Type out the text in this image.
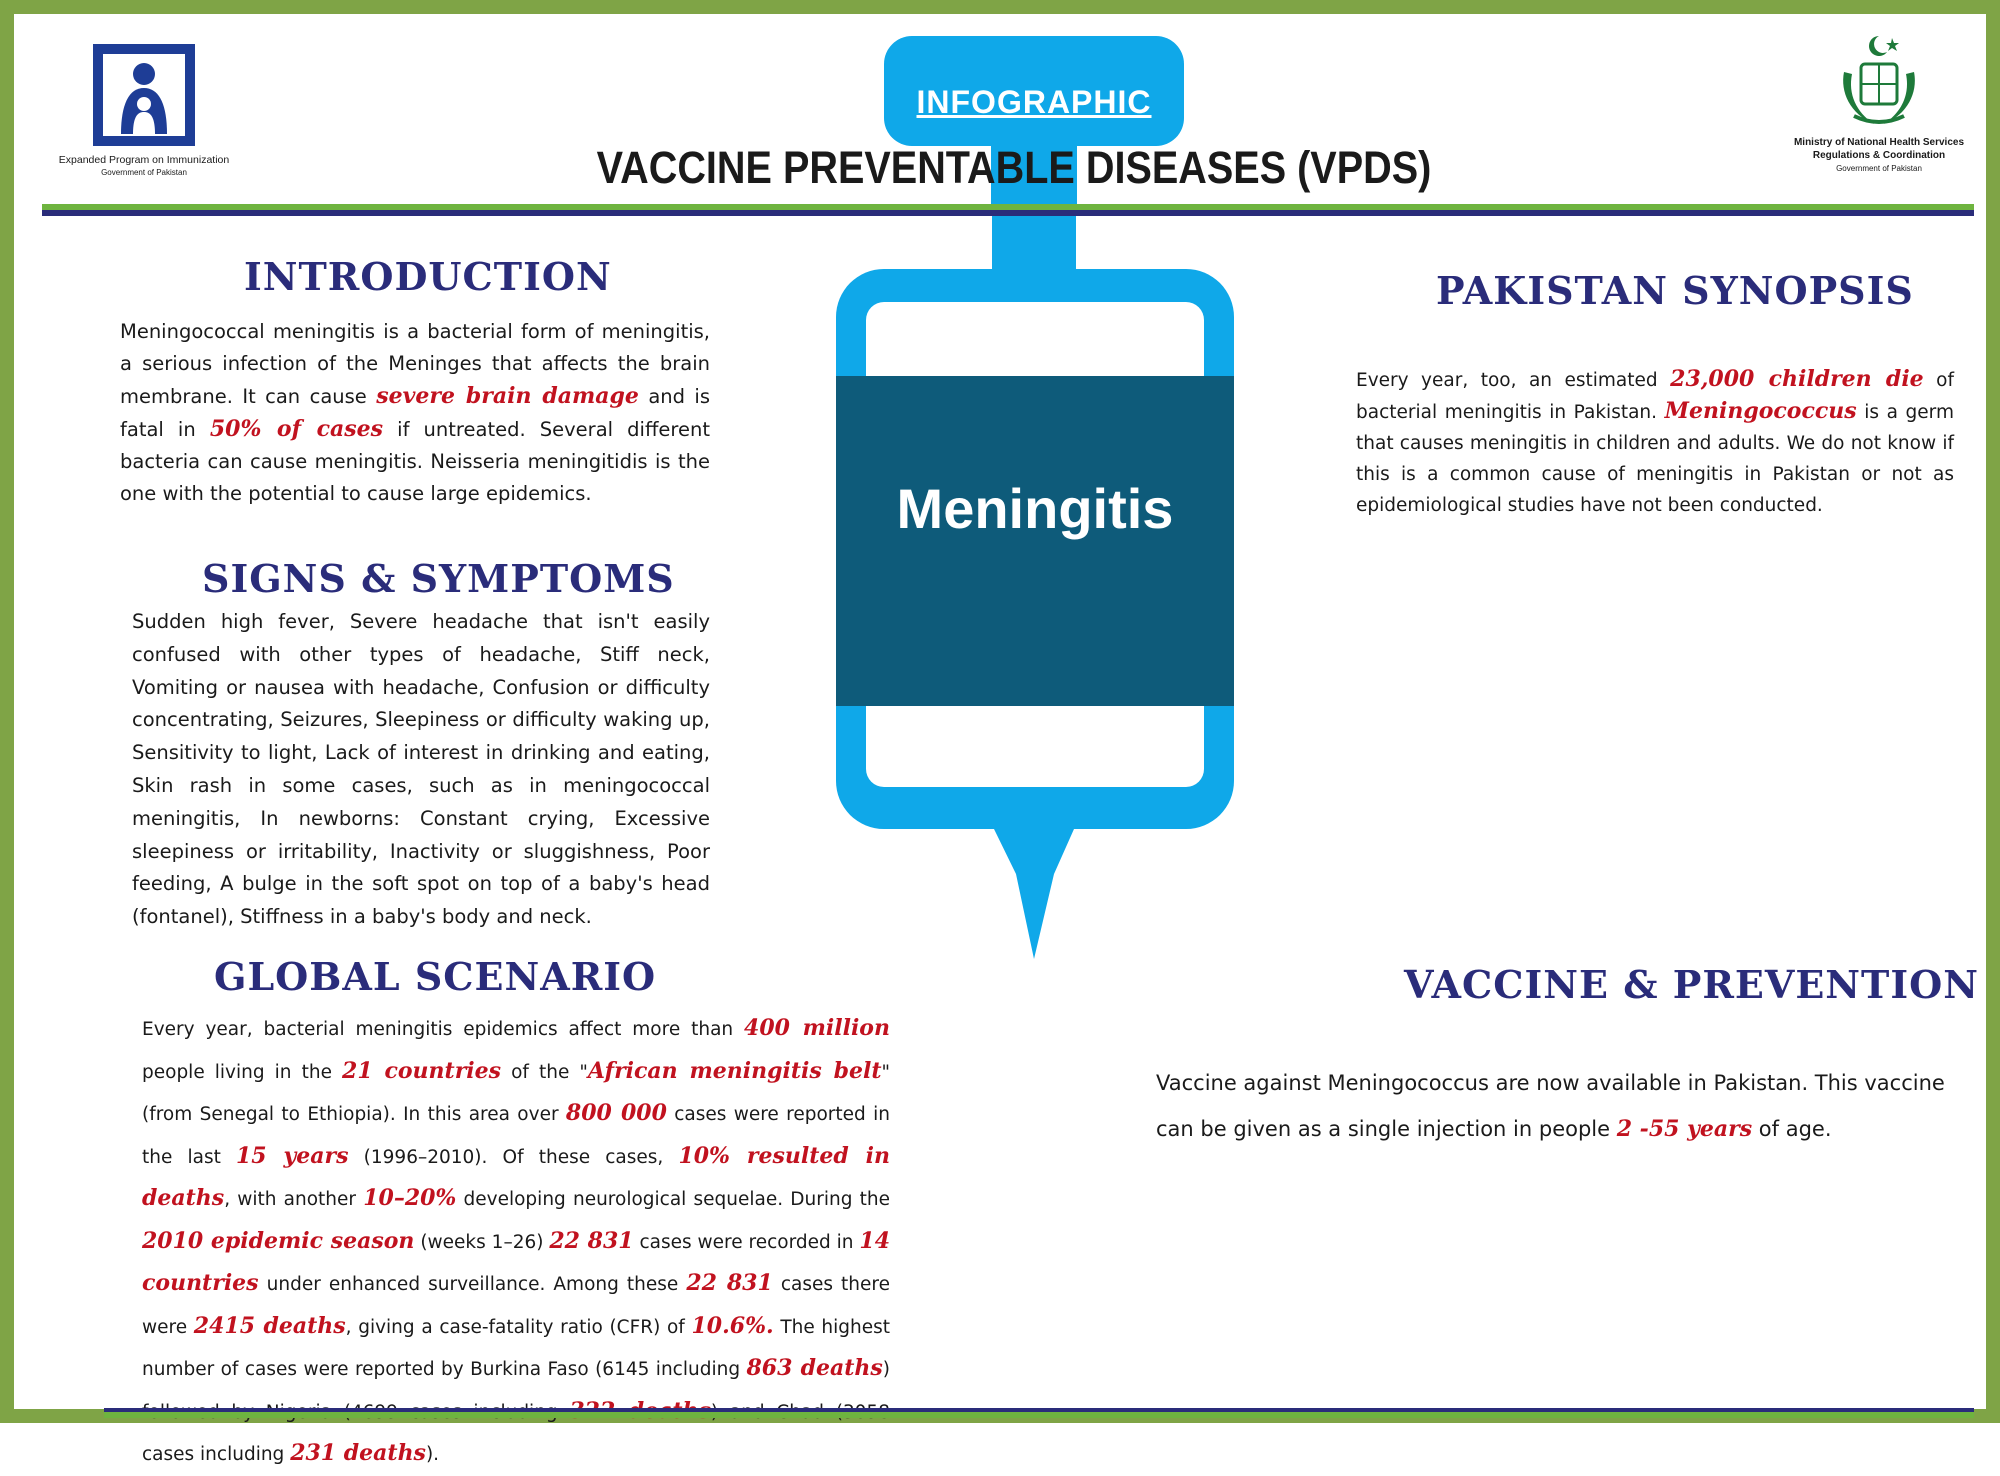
Expanded Program on Immunization
Government of Pakistan
Ministry of National Health Services
Regulations & Coordination
Government of Pakistan
INFOGRAPHIC
Meningitis
VACCINE PREVENTABLE DISEASES (VPDS)
INTRODUCTION
Meningococcal meningitis is a bacterial form of meningitis, a serious infection of the Meninges that affects the brain membrane. It can cause severe brain damage and is fatal in 50% of cases if untreated. Several different bacteria can cause meningitis. Neisseria meningitidis is the one with the potential to cause large epidemics.
SIGNS & SYMPTOMS
Sudden high fever, Severe headache that isn't easily confused with other types of headache, Stiff neck, Vomiting or nausea with headache, Confusion or difficulty concentrating, Seizures, Sleepiness or difficulty waking up, Sensitivity to light, Lack of interest in drinking and eating, Skin rash in some cases, such as in meningococcal meningitis, In newborns: Constant crying, Excessive sleepiness or irritability, Inactivity or sluggishness, Poor feeding, A bulge in the soft spot on top of a baby's head (fontanel), Stiffness in a baby's body and neck.
GLOBAL SCENARIO
Every year, bacterial meningitis epidemics affect more than 400 million people living in the 21 countries of the "African meningitis belt" (from Senegal to Ethiopia). In this area over 800 000 cases were reported in the last 15 years (1996–2010). Of these cases, 10% resulted in deaths, with another 10–20% developing neurological sequelae. During the 2010 epidemic season (weeks 1–26) 22 831 cases were recorded in 14 countries under enhanced surveillance. Among these 22 831 cases there were 2415 deaths, giving a case-fatality ratio (CFR) of 10.6%. The highest number of cases were reported by Burkina Faso (6145 including 863 deaths) cases including 231 deaths).
PAKISTAN SYNOPSIS
Every year, too, an estimated 23,000 children die of bacterial meningitis in Pakistan. Meningococcus is a germ that causes meningitis in children and adults. We do not know if this is a common cause of meningitis in Pakistan or not as epidemiological studies have not been conducted.
VACCINE & PREVENTION
Vaccine against Meningococcus are now available in Pakistan. This vaccine can be given as a single injection in people 2 -55 years of age.
